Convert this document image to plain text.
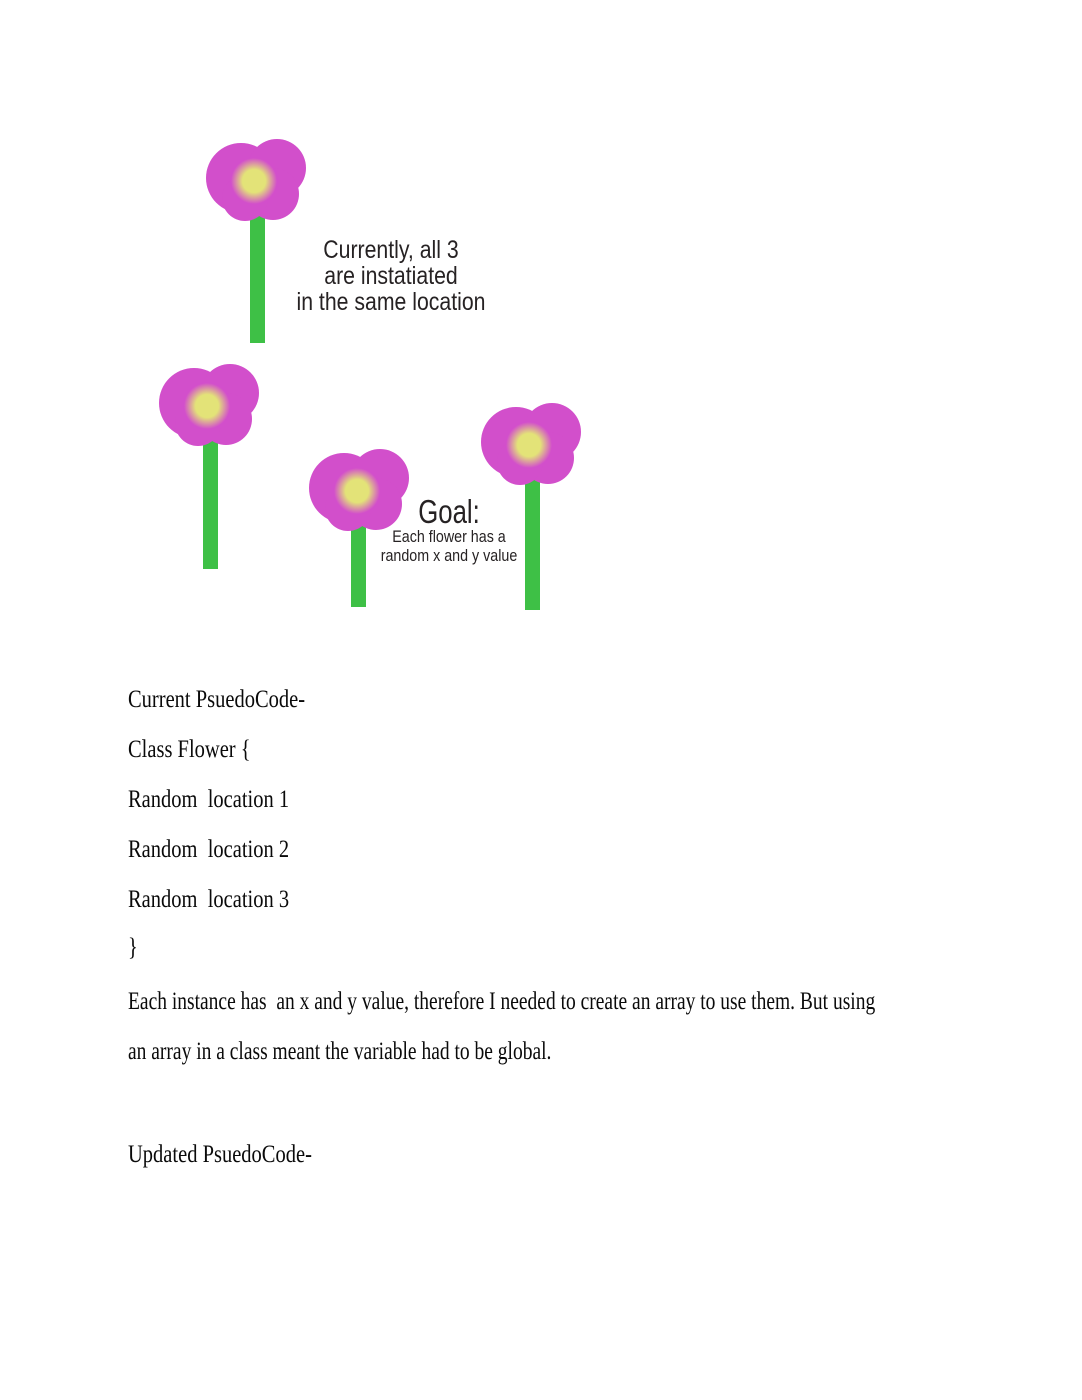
Currently, all 3
are instatiated
in the same location
Goal:
Each flower has a
random x and y value
Current PsuedoCode-
Class Flower {
Random  location 1
Random  location 2
Random  location 3
}
Each instance has  an x and y value, therefore I needed to create an array to use them. But using
an array in a class meant the variable had to be global.
Updated PsuedoCode-
